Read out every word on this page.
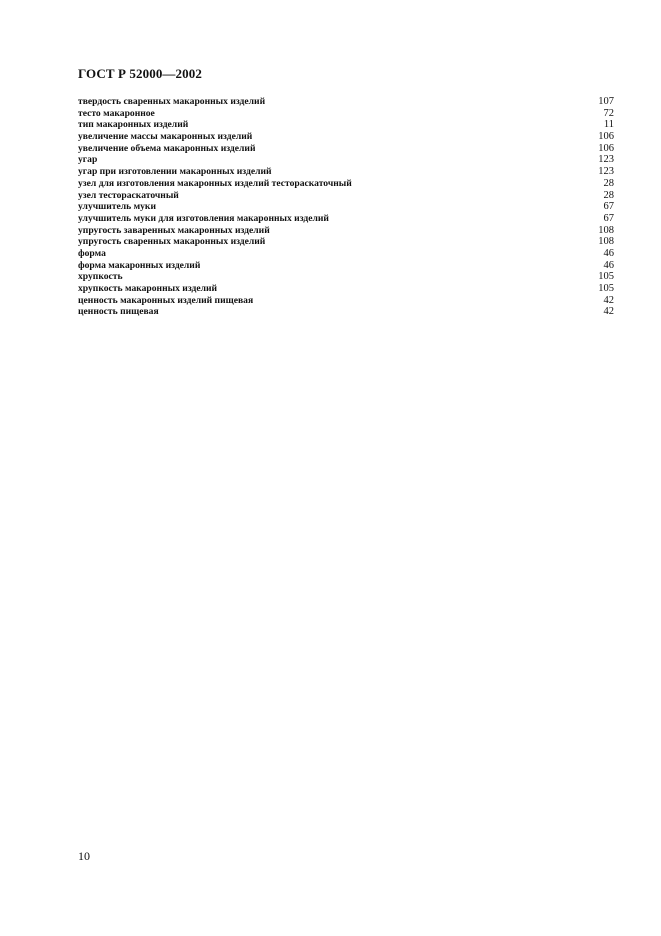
ГОСТ Р 52000—2002
твердость сваренных макаронных изделий	107
тесто макаронное	72
тип макаронных изделий	11
увеличение массы макаронных изделий	106
увеличение объема макаронных изделий	106
угар	123
угар при изготовлении макаронных изделий	123
узел для изготовления макаронных изделий тестораскаточный	28
узел тестораскаточный	28
улучшитель муки	67
улучшитель муки для изготовления макаронных изделий	67
упругость заваренных макаронных изделий	108
упругость сваренных макаронных изделий	108
форма	46
форма макаронных изделий	46
хрупкость	105
хрупкость макаронных изделий	105
ценность макаронных изделий пищевая	42
ценность пищевая	42
10
